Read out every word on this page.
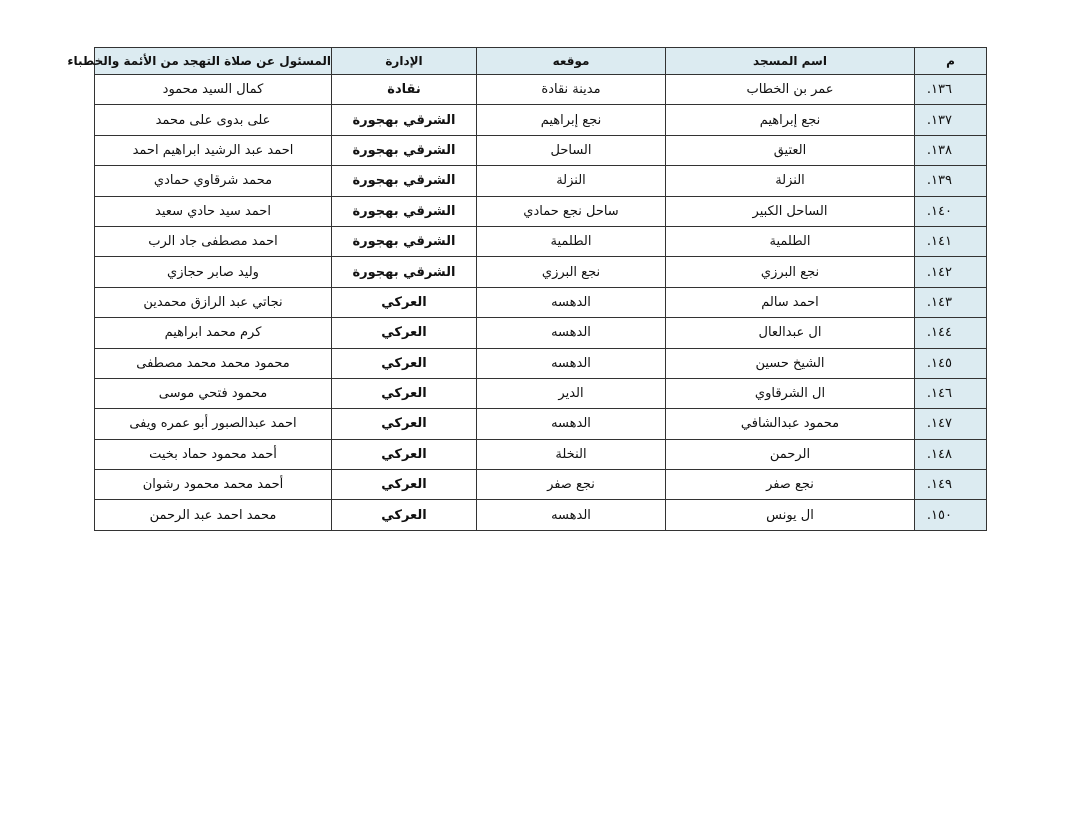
م	اسم المسجد	موقعه	الإدارة	المسئول عن صلاة التهجد من الأئمة والخطباء
١٣٦.	عمر بن الخطاب	مدينة نقادة	نقادة	كمال السيد محمود
١٣٧.	نجع إبراهيم	نجع إبراهيم	الشرقي بهجورة	على بدوى على محمد
١٣٨.	العتيق	الساحل	الشرقي بهجورة	احمد عبد الرشيد ابراهيم احمد
١٣٩.	النزلة	النزلة	الشرقي بهجورة	محمد شرقاوي حمادي
١٤٠.	الساحل الكبير	ساحل نجع حمادي	الشرقي بهجورة	احمد سيد حادي سعيد
١٤١.	الطلمية	الطلمية	الشرقي بهجورة	احمد مصطفى جاد الرب
١٤٢.	نجع البرزي	نجع البرزي	الشرقي بهجورة	وليد صابر حجازي
١٤٣.	احمد سالم	الدهسه	العركي	نجاتي عبد الرازق محمدين
١٤٤.	ال عبدالعال	الدهسه	العركي	كرم محمد ابراهيم
١٤٥.	الشيخ حسين	الدهسه	العركي	محمود محمد محمد مصطفى
١٤٦.	ال الشرقاوي	الدير	العركي	محمود فتحي موسى
١٤٧.	محمود عبدالشافي	الدهسه	العركي	احمد عبدالصبور أبو عمره ويفى
١٤٨.	الرحمن	النخلة	العركي	أحمد محمود حماد بخيت
١٤٩.	نجع صفر	نجع صفر	العركي	أحمد محمد محمود رشوان
١٥٠.	ال يونس	الدهسه	العركي	محمد احمد عبد الرحمن
